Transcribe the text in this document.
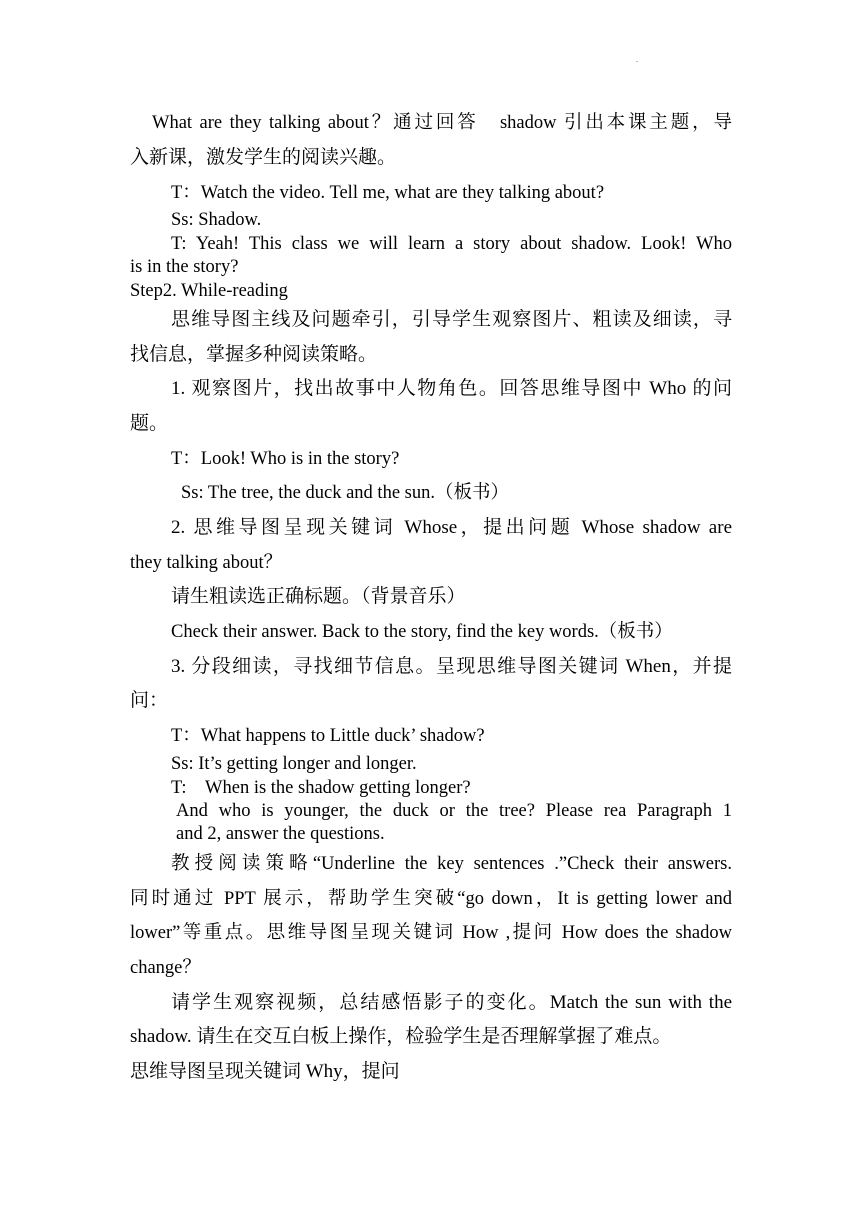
.
What are they talking about？通过回答　shadow 引出本课主题，导
入新课，激发学生的阅读兴趣。
T：Watch the video. Tell me, what are they talking about?
Ss: Shadow.
T: Yeah! This class we will learn a story about shadow. Look! Who
is in the story?
Step2. While-reading
思维导图主线及问题牵引，引导学生观察图片、粗读及细读，寻
找信息，掌握多种阅读策略。
1. 观察图片，找出故事中人物角色。回答思维导图中 Who 的问
题。
T：Look! Who is in the story?
Ss: The tree, the duck and the sun.（板书）
2. 思维导图呈现关键词 Whose，提出问题 Whose shadow are
they talking about？
请生粗读选正确标题。（背景音乐）
Check their answer. Back to the story, find the key words.（板书）
3. 分段细读，寻找细节信息。呈现思维导图关键词 When，并提
问：
T：What happens to Little duck’ shadow?
Ss: It’s getting longer and longer.
T:　When is the shadow getting longer?
And who is younger, the duck or the tree? Please rea Paragraph 1
and 2, answer the questions.
教授阅读策略“Underline the key sentences .”Check their answers.
同时通过 PPT 展示，帮助学生突破“go down，It is getting lower and
lower”等重点。思维导图呈现关键词 How ,提问 How does the shadow
change？
请学生观察视频，总结感悟影子的变化。Match the sun with the
shadow. 请生在交互白板上操作，检验学生是否理解掌握了难点。
思维导图呈现关键词 Why，提问
